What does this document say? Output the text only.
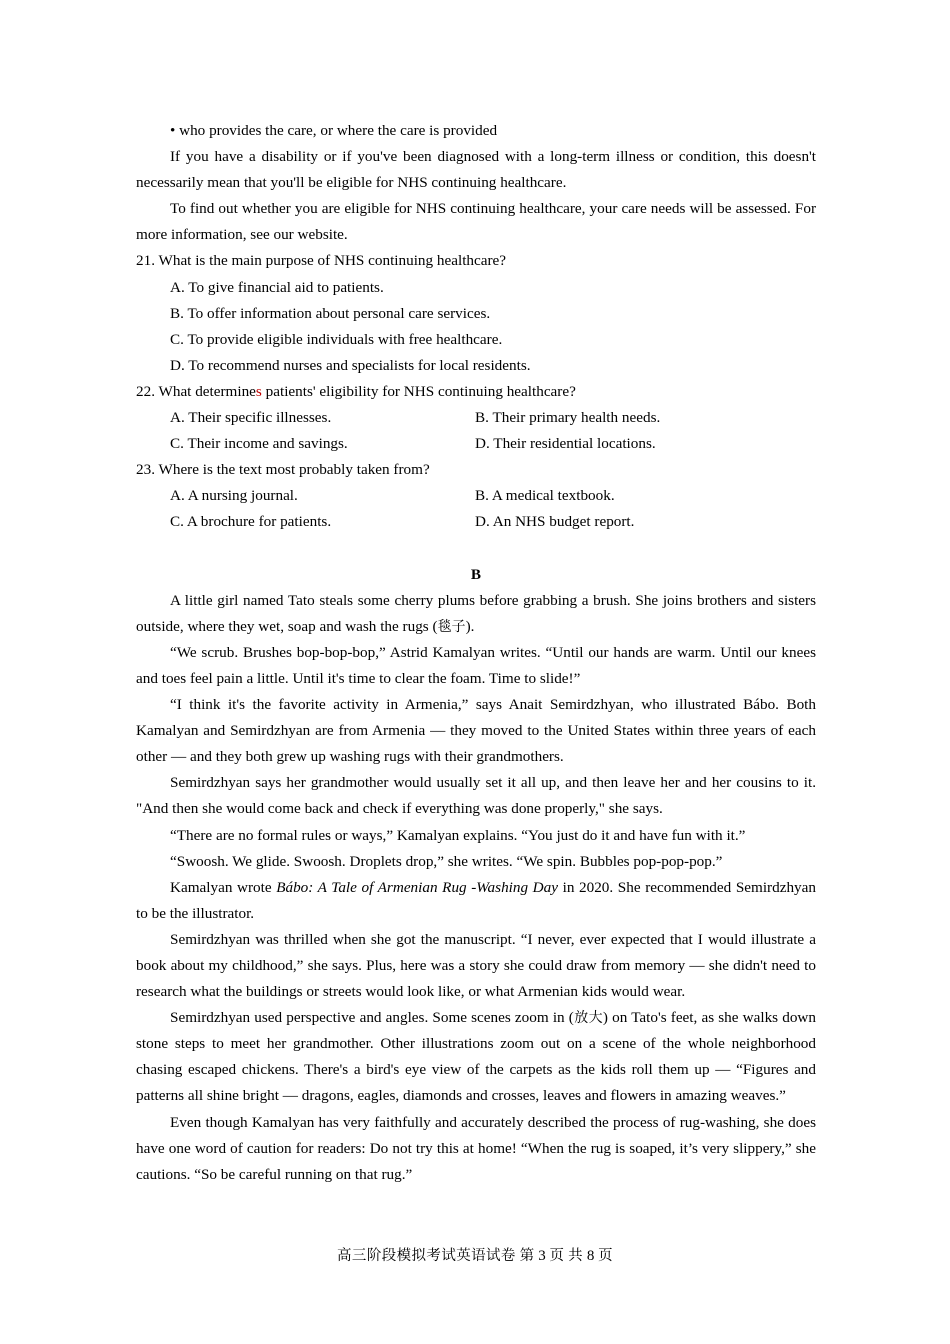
• who provides the care, or where the care is provided

If you have a disability or if you've been diagnosed with a long-term illness or condition, this doesn't necessarily mean that you'll be eligible for NHS continuing healthcare.

To find out whether you are eligible for NHS continuing healthcare, your care needs will be assessed. For more information, see our website.

21. What is the main purpose of NHS continuing healthcare?
A. To give financial aid to patients.
B. To offer information about personal care services.
C. To provide eligible individuals with free healthcare.
D. To recommend nurses and specialists for local residents.
22. What determines patients' eligibility for NHS continuing healthcare?
A. Their specific illnesses.	B. Their primary health needs.
C. Their income and savings.	D. Their residential locations.
23. Where is the text most probably taken from?
A. A nursing journal.	B. A medical textbook.
C. A brochure for patients.	D. An NHS budget report.

B

A little girl named Tato steals some cherry plums before grabbing a brush. She joins brothers and sisters outside, where they wet, soap and wash the rugs (毯子).

“We scrub. Brushes bop-bop-bop,” Astrid Kamalyan writes. “Until our hands are warm. Until our knees and toes feel pain a little. Until it's time to clear the foam. Time to slide!”

“I think it's the favorite activity in Armenia,” says Anait Semirdzhyan, who illustrated Bábo. Both Kamalyan and Semirdzhyan are from Armenia — they moved to the United States within three years of each other — and they both grew up washing rugs with their grandmothers.

Semirdzhyan says her grandmother would usually set it all up, and then leave her and her cousins to it. "And then she would come back and check if everything was done properly," she says.

“There are no formal rules or ways,” Kamalyan explains. “You just do it and have fun with it.”

“Swoosh. We glide. Swoosh. Droplets drop,” she writes. “We spin. Bubbles pop-pop-pop.”

Kamalyan wrote Bábo: A Tale of Armenian Rug -Washing Day in 2020. She recommended Semirdzhyan to be the illustrator.

Semirdzhyan was thrilled when she got the manuscript. “I never, ever expected that I would illustrate a book about my childhood,” she says. Plus, here was a story she could draw from memory — she didn't need to research what the buildings or streets would look like, or what Armenian kids would wear.

Semirdzhyan used perspective and angles. Some scenes zoom in (放大) on Tato's feet, as she walks down stone steps to meet her grandmother. Other illustrations zoom out on a scene of the whole neighborhood chasing escaped chickens. There's a bird's eye view of the carpets as the kids roll them up — “Figures and patterns all shine bright — dragons, eagles, diamonds and crosses, leaves and flowers in amazing weaves.”

Even though Kamalyan has very faithfully and accurately described the process of rug-washing, she does have one word of caution for readers: Do not try this at home! “When the rug is soaped, it’s very slippery,” she cautions. “So be careful running on that rug.”

高三阶段模拟考试英语试卷 第 3 页 共 8 页
